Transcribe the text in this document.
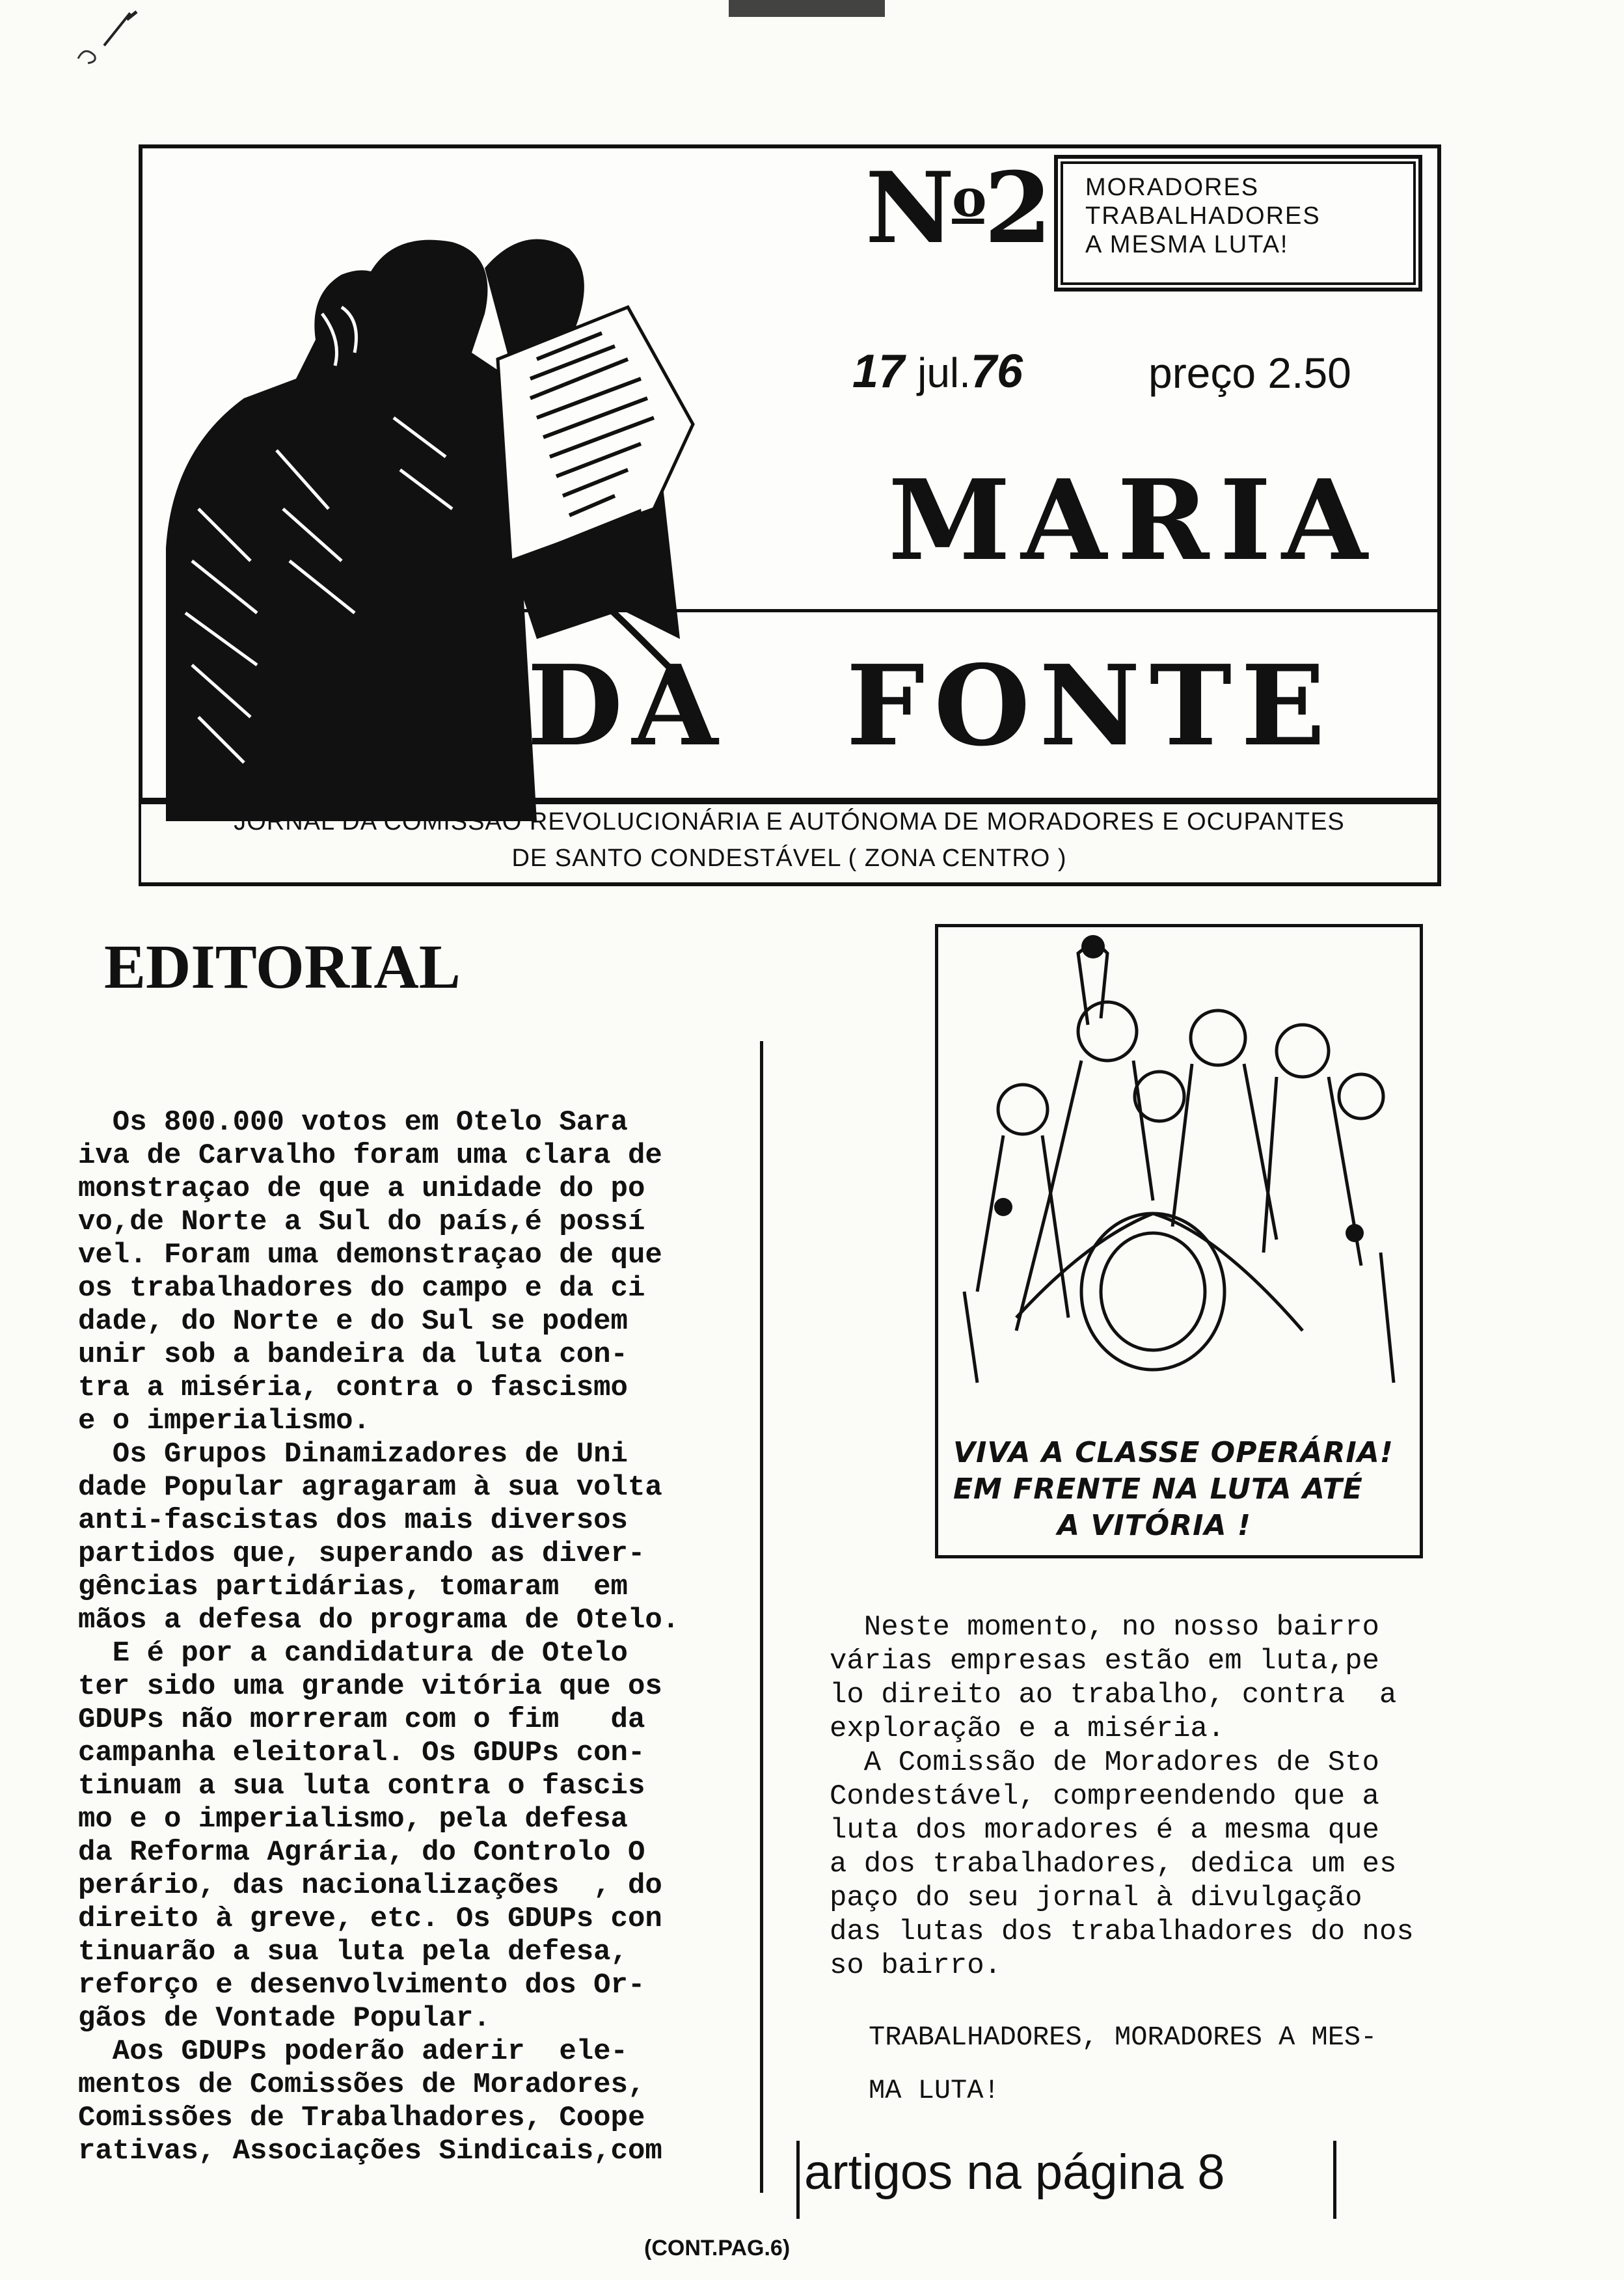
$N^o2$ MORADORES
TRABALHADORES
A MESMA LUTA!
17 jul.76	preço 2.50
MARIA
DA FONTE
JORNAL DA COMISSÃO REVOLUCIONÁRIA E AUTÓNOMA DE MORADORES E OCUPANTES
DE SANTO CONDESTÁVEL ( ZONA CENTRO )
EDITORIAL
Os 800.000 votos em Otelo Sara
iva de Carvalho foram uma clara de
monstraçao de que a unidade do po
vo,de Norte a Sul do país,é possí
vel. Foram uma demonstraçao de que
os trabalhadores do campo e da ci
dade, do Norte e do Sul se podem
unir sob a bandeira da luta con-
tra a miséria, contra o fascismo
e o imperialismo.
Os Grupos Dinamizadores de Uni
dade Popular agragaram à sua volta
anti-fascistas dos mais diversos
partidos que, superando as diver-
gências partidárias, tomaram  em
mãos a defesa do programa de Otelo.
E é por a candidatura de Otelo
ter sido uma grande vitória que os
GDUPs não morreram com o fim   da
campanha eleitoral. Os GDUPs con-
tinuam a sua luta contra o fascis
mo e o imperialismo, pela defesa
da Reforma Agrária, do Controlo O
perário, das nacionalizações  , do
direito à greve, etc. Os GDUPs con
tinuarão a sua luta pela defesa,
reforço e desenvolvimento dos Or-
gãos de Vontade Popular.
Aos GDUPs poderão aderir  ele-
mentos de Comissões de Moradores,
Comissões de Trabalhadores, Coope
rativas, Associações Sindicais,com
VIVA A CLASSE OPERÁRIA!
EM FRENTE NA LUTA ATÉ
A VITÓRIA !
Neste momento, no nosso bairro
várias empresas estão em luta,pe
lo direito ao trabalho, contra  a
exploração e a miséria.
A Comissão de Moradores de Sto
Condestável, compreendendo que a
luta dos moradores é a mesma que
a dos trabalhadores, dedica um es
paço do seu jornal à divulgação
das lutas dos trabalhadores do nos
so bairro.
TRABALHADORES, MORADORES A MES-
MA LUTA!
artigos na página 8
(CONT.PAG.6)
